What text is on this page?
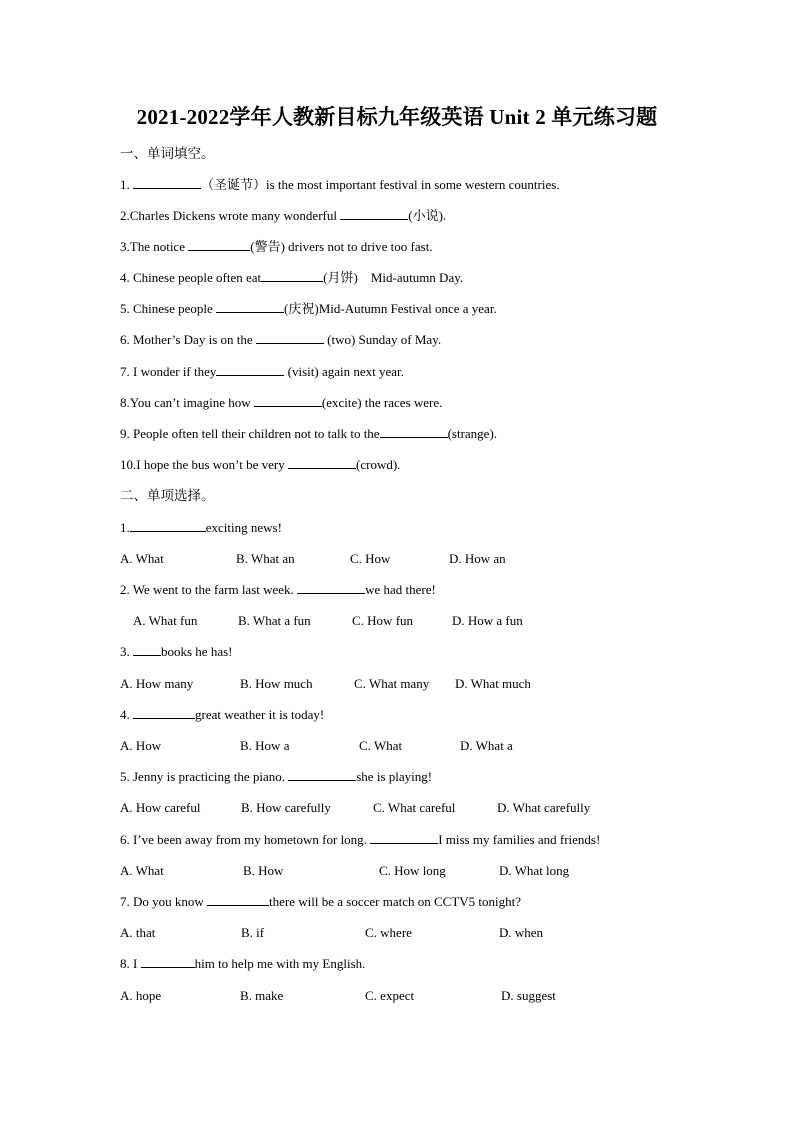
2021-2022学年人教新目标九年级英语 Unit 2 单元练习题
一、单词填空。
1.	（圣诞节）is the most important festival in some western countries.
2.Charles Dickens wrote many wonderful	(小说).
3.The notice	(警告) drivers not to drive too fast.
4. Chinese people often eat	(月饼)　Mid-autumn Day.
5. Chinese people	(庆祝)Mid-Autumn Festival once a year.
6. Mother’s Day is on the	(two) Sunday of May.
7. I wonder if they	(visit) again next year.
8.You can’t imagine how	(excite) the races were.
9. People often tell their children not to talk to the	(strange).
10.I hope the bus won’t be very	(crowd).
二、单项选择。
1.	exciting news!
A. What	B. What an	C. How	D. How an
2. We went to the farm last week.	we had there!
A. What fun	B. What a fun	C. How fun	D. How a fun
3. books he has!
A. How many	B. How much	C. What many D. What much
4.	great weather it is today!
A. How	B. How a	C. What	D. What a
5. Jenny is practicing the piano.	she is playing!
A. How careful	B. How carefully	C. What careful	D. What carefully
6. I’ve been away from my hometown for long.	I miss my families and friends!
A. What	B. How	C. How long	D. What long
7. Do you know	there will be a soccer match on CCTV5 tonight?
A. that	B. if	C. where	D. when
8. I	him to help me with my English.
A. hope	B. make	C. expect	D. suggest
